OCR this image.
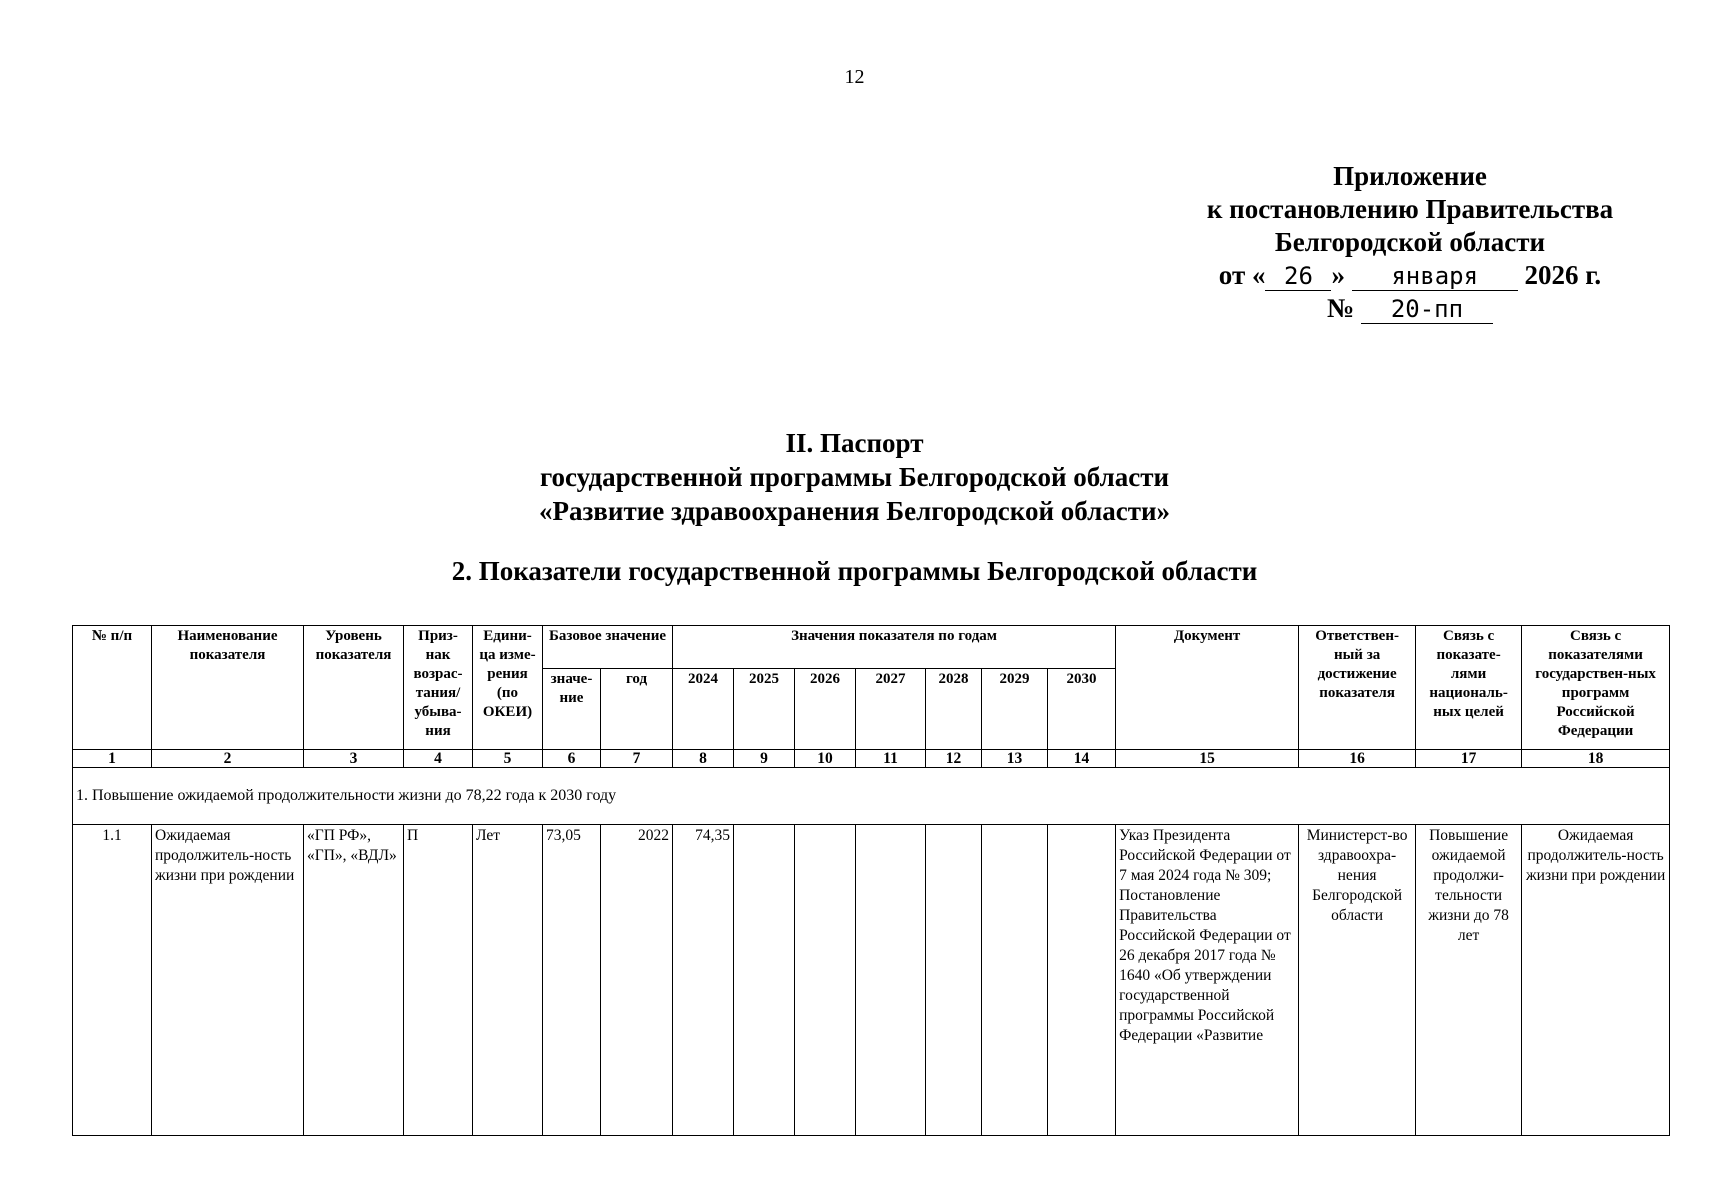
12
Приложение
к постановлению Правительства
Белгородской области
от « 26 » января 2026 г.
№ 20-пп
II. Паспорт
государственной программы Белгородской области
«Развитие здравоохранения Белгородской области»
2. Показатели государственной программы Белгородской области
№ п/п	Наименование показателя	Уровень показателя	Приз-нак возрас-тания/ убыва-ния	Едини-ца изме-рения (по ОКЕИ)	Базовое значение		Значения показателя по годам							Документ	Ответствен-ный за достижение показателя	Связь с показате-лями националь-ных целей	Связь с показателями государствен-ных программ Российской Федерации
					значе-ние	год	2024	2025	2026	2027	2028	2029	2030				
1	2	3	4	5	6	7	8	9	10	11	12	13	14	15	16	17	18
1. Повышение ожидаемой продолжительности жизни до 78,22 года к 2030 году																	
1.1	Ожидаемая продолжитель-ность жизни при рождении	«ГП РФ», «ГП», «ВДЛ»	П	Лет	73,05	2022	74,35							Указ Президента Российской Федерации от 7 мая 2024 года № 309; Постановление Правительства Российской Федерации от 26 декабря 2017 года № 1640 «Об утверждении государственной программы Российской Федерации «Развитие	Министерст-во здравоохра-нения Белгородской области	Повышение ожидаемой продолжи-тельности жизни до 78 лет	Ожидаемая продолжитель-ность жизни при рождении
